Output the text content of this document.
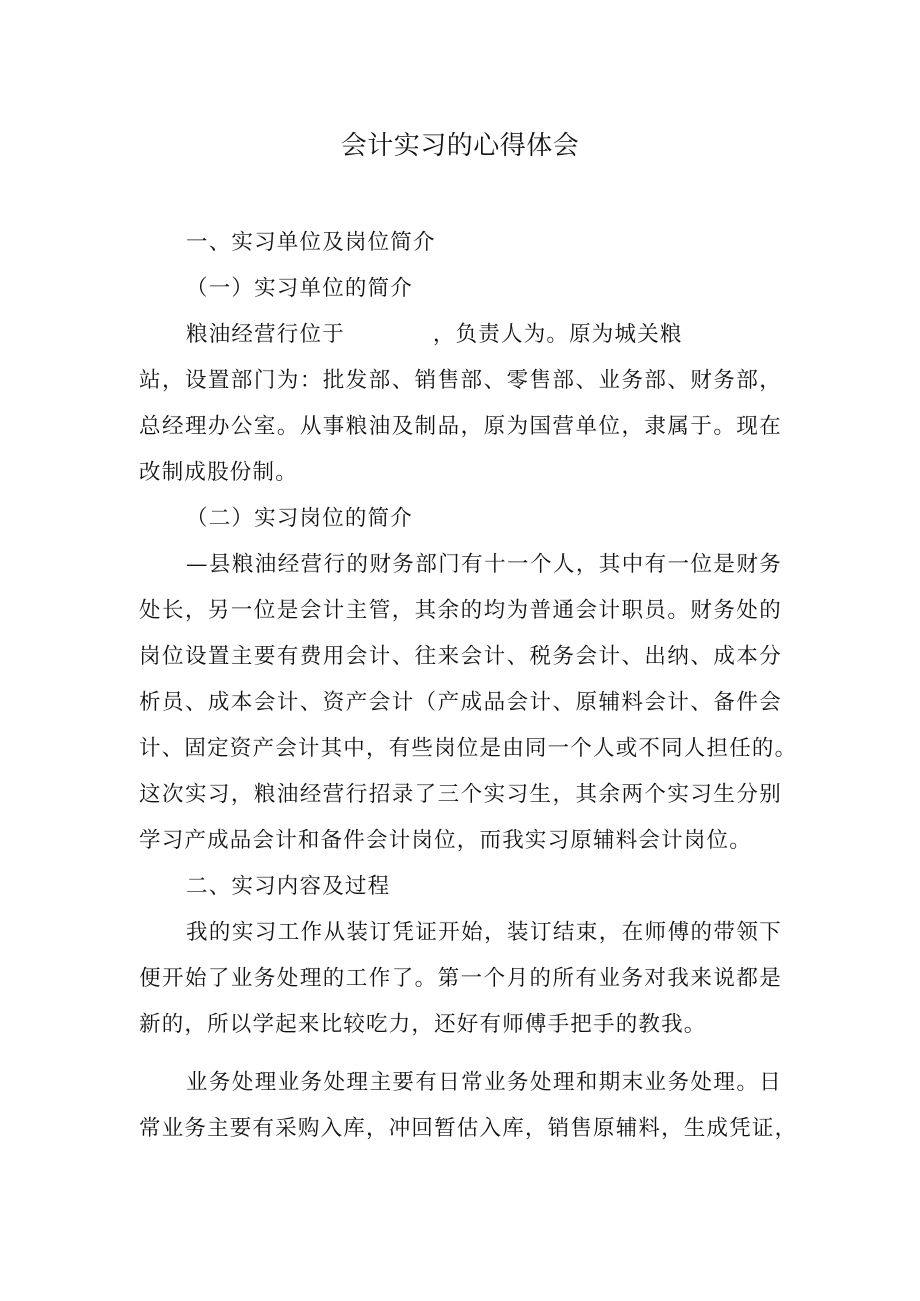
会计实习的心得体会
一、实习单位及岗位简介
（一）实习单位的简介
粮油经营行位于	，负责人为。原为城关粮
站，设置部门为：批发部、销售部、零售部、业务部、财务部，
总经理办公室。从事粮油及制品，原为国营单位，隶属于。现在
改制成股份制。
（二）实习岗位的简介
—县粮油经营行的财务部门有十一个人，其中有一位是财务
处长，另一位是会计主管，其余的均为普通会计职员。财务处的
岗位设置主要有费用会计、往来会计、税务会计、出纳、成本分
析员、成本会计、资产会计（产成品会计、原辅料会计、备件会
计、固定资产会计其中，有些岗位是由同一个人或不同人担任的。
这次实习，粮油经营行招录了三个实习生，其余两个实习生分别
学习产成品会计和备件会计岗位，而我实习原辅料会计岗位。
二、实习内容及过程
我的实习工作从装订凭证开始，装订结束，在师傅的带领下
便开始了业务处理的工作了。第一个月的所有业务对我来说都是
新的，所以学起来比较吃力，还好有师傅手把手的教我。
业务处理业务处理主要有日常业务处理和期末业务处理。日
常业务主要有采购入库，冲回暂估入库，销售原辅料，生成凭证，
